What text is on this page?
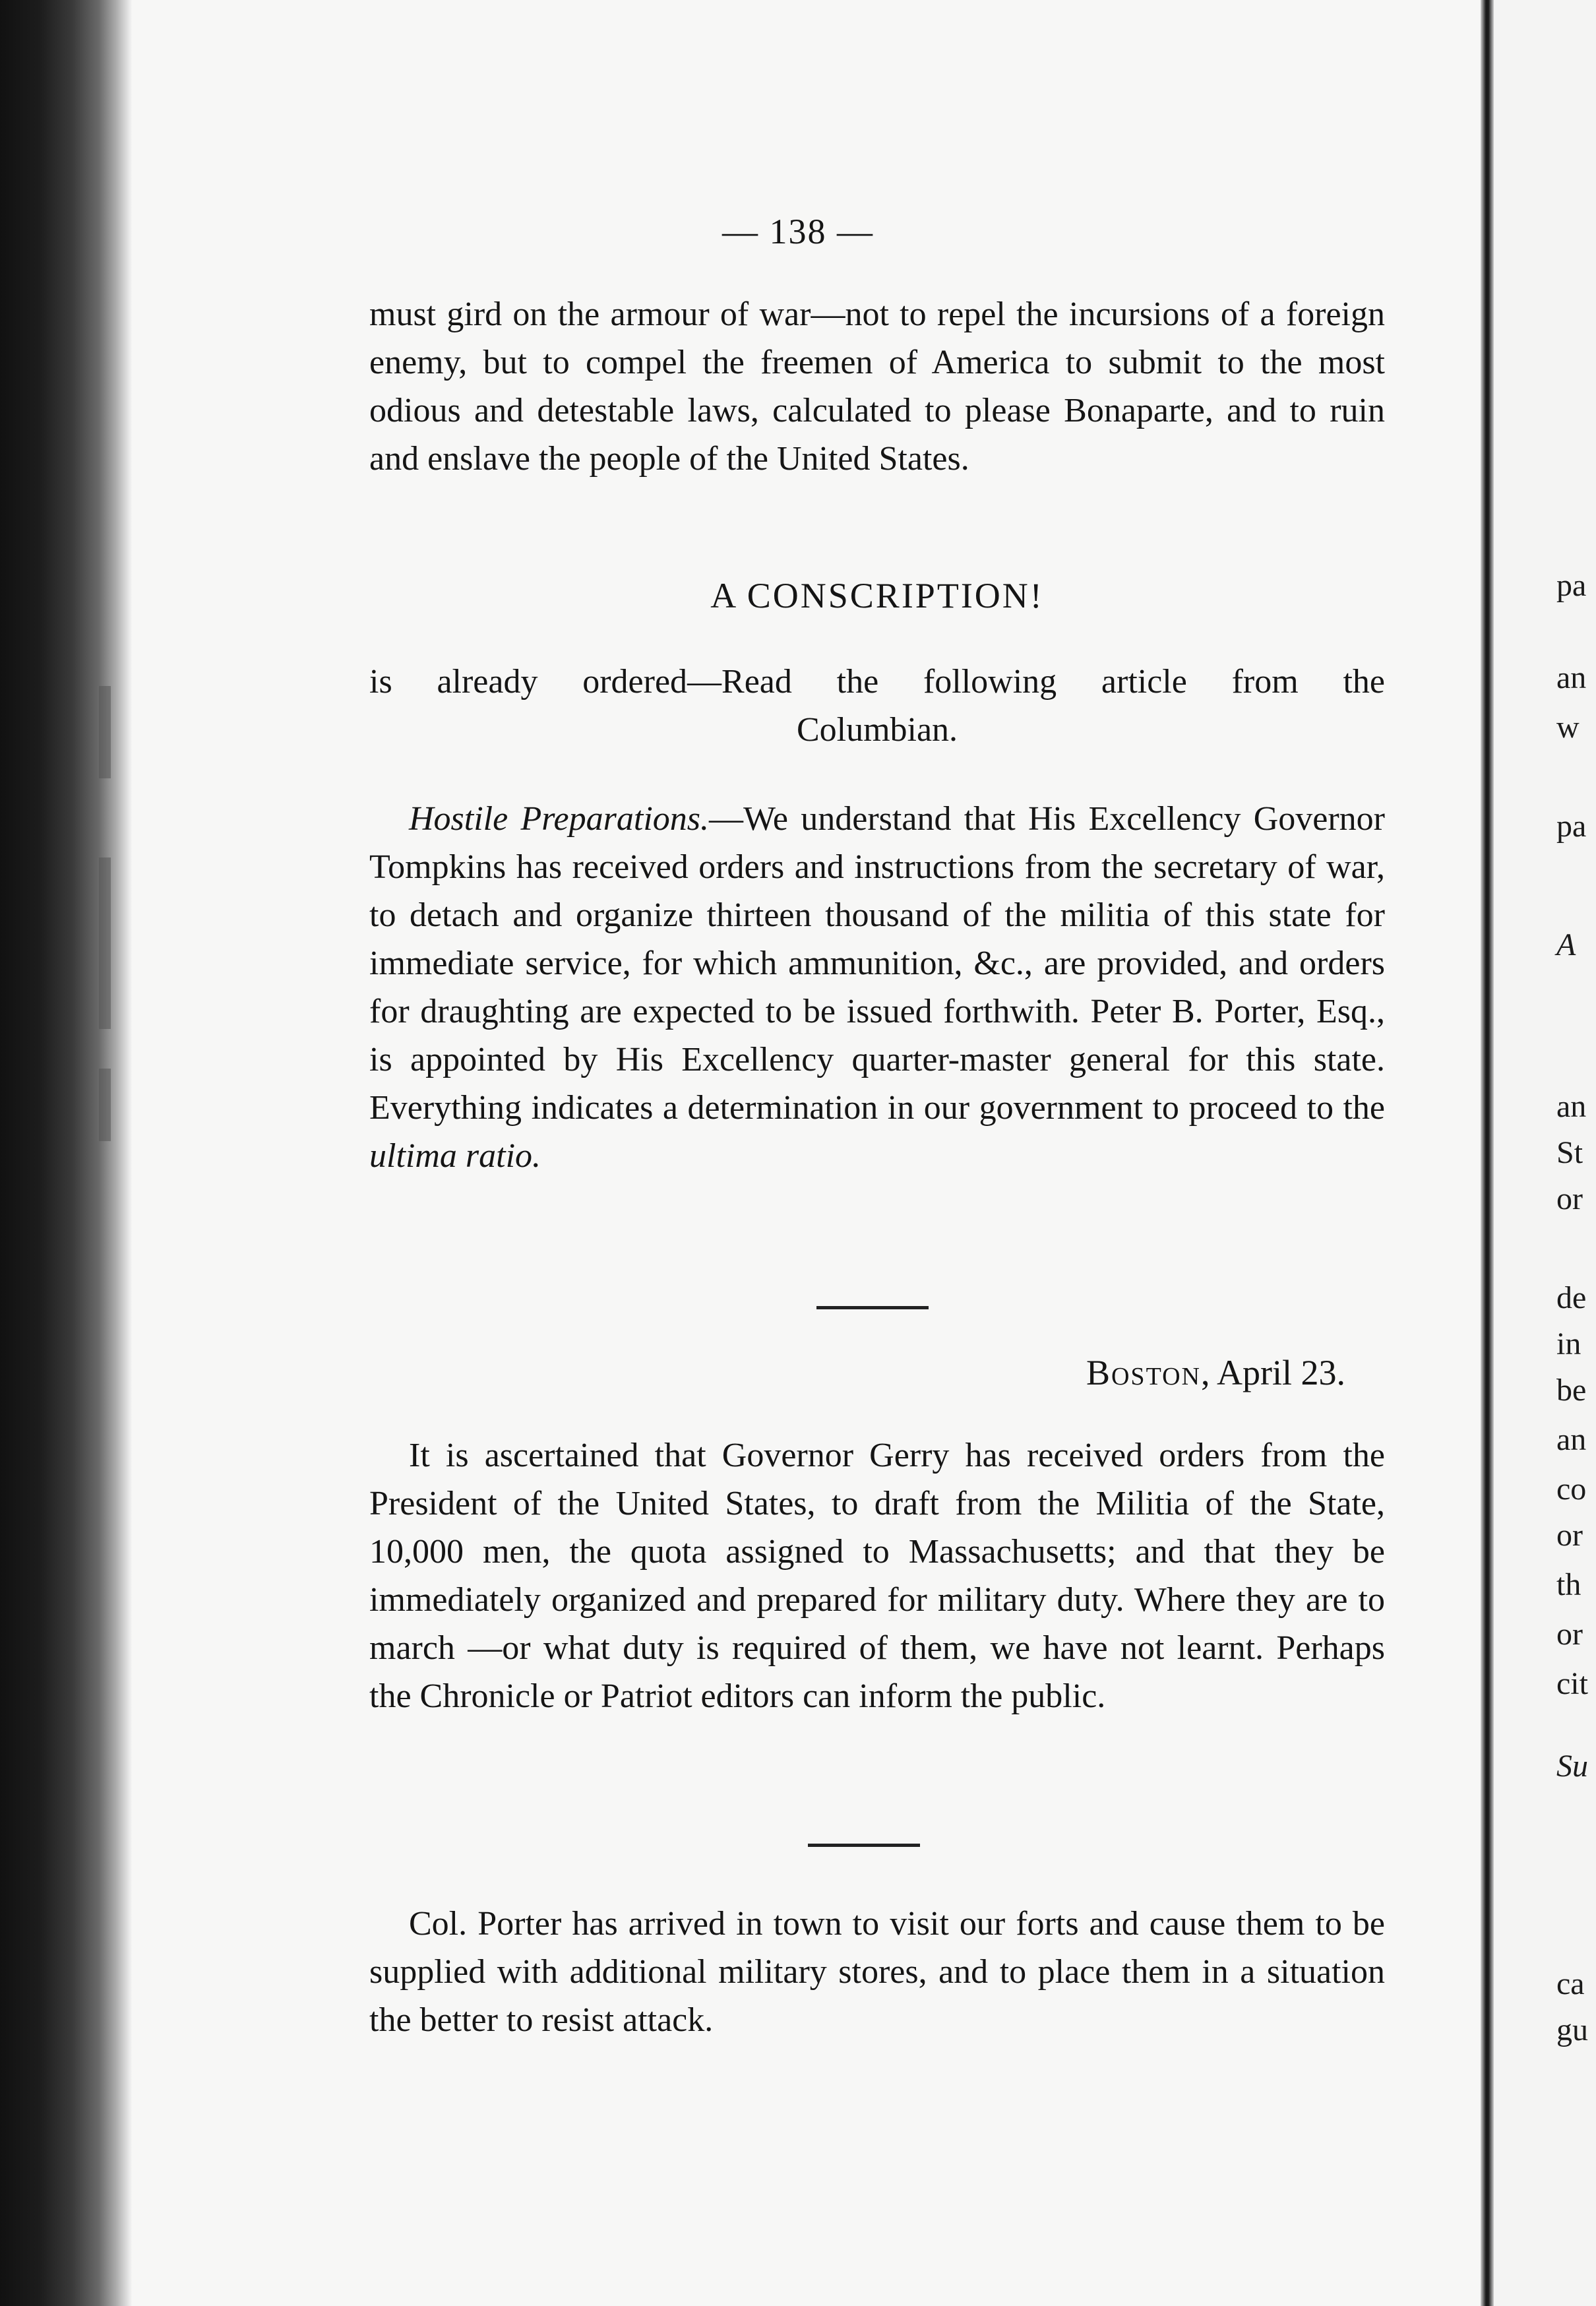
pa
an
w
pa
A
an
St
or
de
in
be
an
co
or
th
or
cit
Su
ca
gu
— 138 —

must gird on the armour of war—not to repel the incursions of a foreign enemy, but to compel the freemen of America to submit to the most odious and detestable laws, calculated to please Bonaparte, and to ruin and enslave the people of the United States.

A CONSCRIPTION!
is already ordered—Read the following article from the
Columbian.

Hostile Preparations.—We understand that His Excellency Governor Tompkins has received orders and instructions from the secretary of war, to detach and organize thirteen thousand of the militia of this state for immediate service, for which ammunition, &c., are provided, and orders for draughting are expected to be issued forthwith. Peter B. Porter, Esq., is appointed by His Excellency quarter-master general for this state. Everything indicates a determination in our government to proceed to the ultima ratio.

Boston, April 23.

It is ascertained that Governor Gerry has received orders from the President of the United States, to draft from the Militia of the State, 10,000 men, the quota assigned to Massachusetts; and that they be immediately organized and prepared for military duty. Where they are to march —or what duty is required of them, we have not learnt. Perhaps the Chronicle or Patriot editors can inform the public.

Col. Porter has arrived in town to visit our forts and cause them to be supplied with additional military stores, and to place them in a situation the better to resist attack.
